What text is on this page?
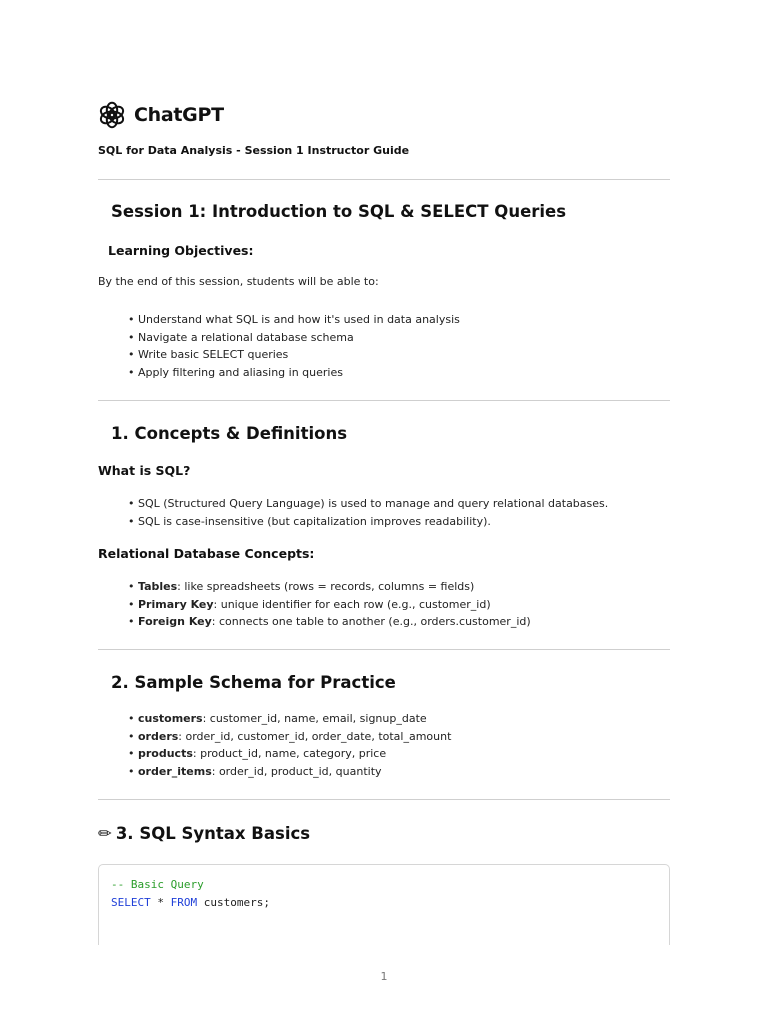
ChatGPT
SQL for Data Analysis - Session 1 Instructor Guide
Session 1: Introduction to SQL & SELECT Queries
Learning Objectives:
By the end of this session, students will be able to:
• Understand what SQL is and how it's used in data analysis
• Navigate a relational database schema
• Write basic SELECT queries
• Apply filtering and aliasing in queries
1. Concepts & Definitions
What is SQL?
• SQL (Structured Query Language) is used to manage and query relational databases.
• SQL is case-insensitive (but capitalization improves readability).
Relational Database Concepts:
• Tables: like spreadsheets (rows = records, columns = fields)
• Primary Key: unique identifier for each row (e.g., customer_id)
• Foreign Key: connects one table to another (e.g., orders.customer_id)
2. Sample Schema for Practice
• customers: customer_id, name, email, signup_date
• orders: order_id, customer_id, order_date, total_amount
• products: product_id, name, category, price
• order_items: order_id, product_id, quantity
✏ 3. SQL Syntax Basics
-- Basic Query
SELECT * FROM customers;
1
